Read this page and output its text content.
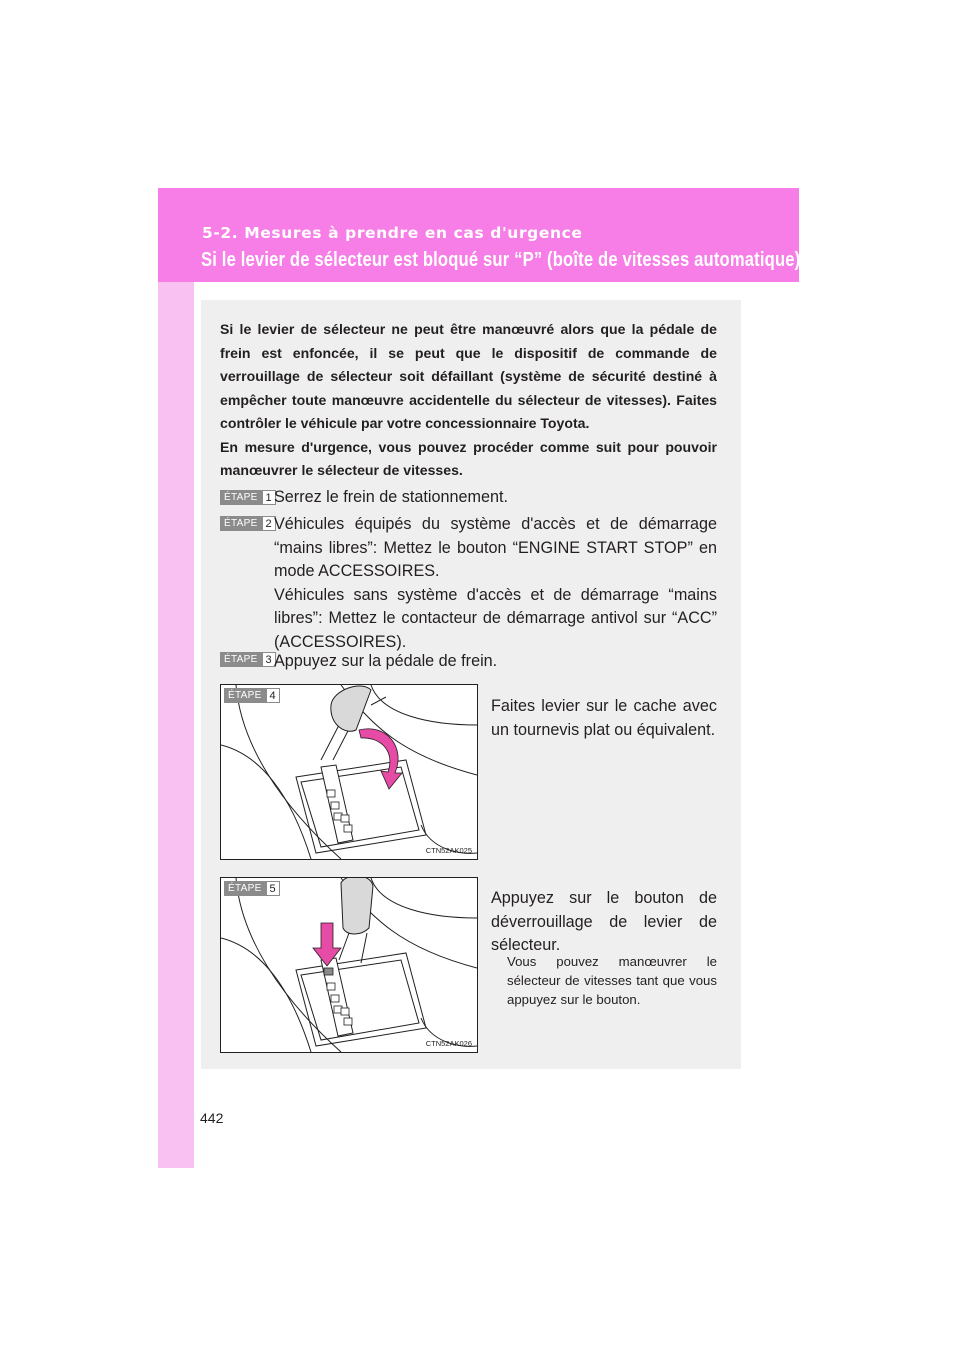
5-2. Mesures à prendre en cas d'urgence
Si le levier de sélecteur est bloqué sur “P” (boîte de vitesses automatique)

Si le levier de sélecteur ne peut être manœuvré alors que la pédale de frein est enfoncée, il se peut que le dispositif de commande de verrouillage de sélecteur soit défaillant (système de sécurité destiné à empêcher toute manœuvre accidentelle du sélecteur de vitesses). Faites contrôler le véhicule par votre concessionnaire Toyota.

En mesure d'urgence, vous pouvez procéder comme suit pour pouvoir manœuvrer le sélecteur de vitesses.

ÉTAPE 1 Serrez le frein de stationnement.

ÉTAPE 2 Véhicules équipés du système d'accès et de démarrage “mains libres”: Mettez le bouton “ENGINE START STOP” en mode ACCESSOIRES.

Véhicules sans système d'accès et de démarrage “mains libres”: Mettez le contacteur de démarrage antivol sur “ACC” (ACCESSOIRES).

ÉTAPE 3 Appuyez sur la pédale de frein.

ÉTAPE 4
CTN52AK025

Faites levier sur le cache avec un tournevis plat ou équivalent.

ÉTAPE 5
CTN52AK026

Appuyez sur le bouton de déverrouillage de levier de sélecteur.

Vous pouvez manœuvrer le sélecteur de vitesses tant que vous appuyez sur le bouton.
442
